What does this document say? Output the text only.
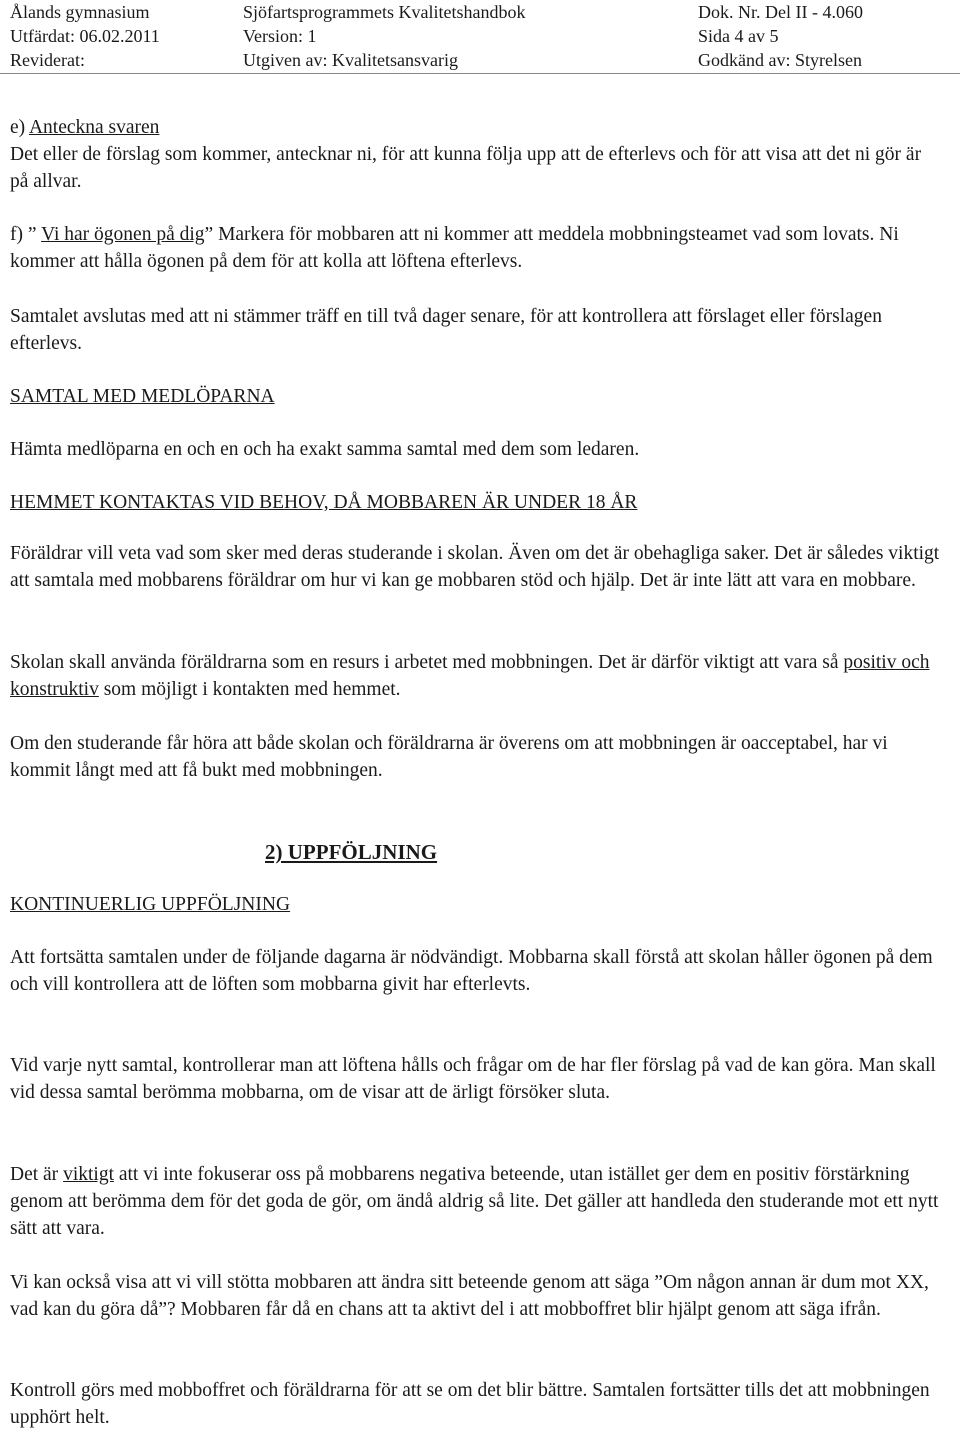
Ålands gymnasium	Sjöfartsprogrammets Kvalitetshandbok	Dok. Nr. Del II - 4.060
Utfärdat: 06.02.2011	Version: 1	Sida 4 av 5
Reviderat:	Utgiven av: Kvalitetsansvarig	Godkänd av: Styrelsen

e) Anteckna svaren
Det eller de förslag som kommer, antecknar ni, för att kunna följa upp att de efterlevs och för att visa att det ni gör är på allvar.

f) ” Vi har ögonen på dig” Markera för mobbaren att ni kommer att meddela mobbningsteamet vad som lovats. Ni kommer att hålla ögonen på dem för att kolla att löftena efterlevs.

Samtalet avslutas med att ni stämmer träff en till två dager senare, för att kontrollera att förslaget eller förslagen efterlevs.

SAMTAL MED MEDLÖPARNA

Hämta medlöparna en och en och ha exakt samma samtal med dem som ledaren.

HEMMET KONTAKTAS VID BEHOV, DÅ MOBBAREN ÄR UNDER 18 ÅR

Föräldrar vill veta vad som sker med deras studerande i skolan. Även om det är obehagliga saker. Det är således viktigt att samtala med mobbarens föräldrar om hur vi kan ge mobbaren stöd och hjälp. Det är inte lätt att vara en mobbare.

Skolan skall använda föräldrarna som en resurs i arbetet med mobbningen. Det är därför viktigt att vara så positiv och konstruktiv som möjligt i kontakten med hemmet.

Om den studerande får höra att både skolan och föräldrarna är överens om att mobbningen är oacceptabel, har vi kommit långt med att få bukt med mobbningen.

2) UPPFÖLJNING

KONTINUERLIG UPPFÖLJNING

Att fortsätta samtalen under de följande dagarna är nödvändigt. Mobbarna skall förstå att skolan håller ögonen på dem och vill kontrollera att de löften som mobbarna givit har efterlevts.

Vid varje nytt samtal, kontrollerar man att löftena hålls och frågar om de har fler förslag på vad de kan göra. Man skall vid dessa samtal berömma mobbarna, om de visar att de ärligt försöker sluta.

Det är viktigt att vi inte fokuserar oss på mobbarens negativa beteende, utan istället ger dem en positiv förstärkning genom att berömma dem för det goda de gör, om ändå aldrig så lite. Det gäller att handleda den studerande mot ett nytt sätt att vara.

Vi kan också visa att vi vill stötta mobbaren att ändra sitt beteende genom att säga ”Om någon annan är dum mot XX, vad kan du göra då”? Mobbaren får då en chans att ta aktivt del i att mobboffret blir hjälpt genom att säga ifrån.

Kontroll görs med mobboffret och föräldrarna för att se om det blir bättre. Samtalen fortsätter tills det att mobbningen upphört helt.
